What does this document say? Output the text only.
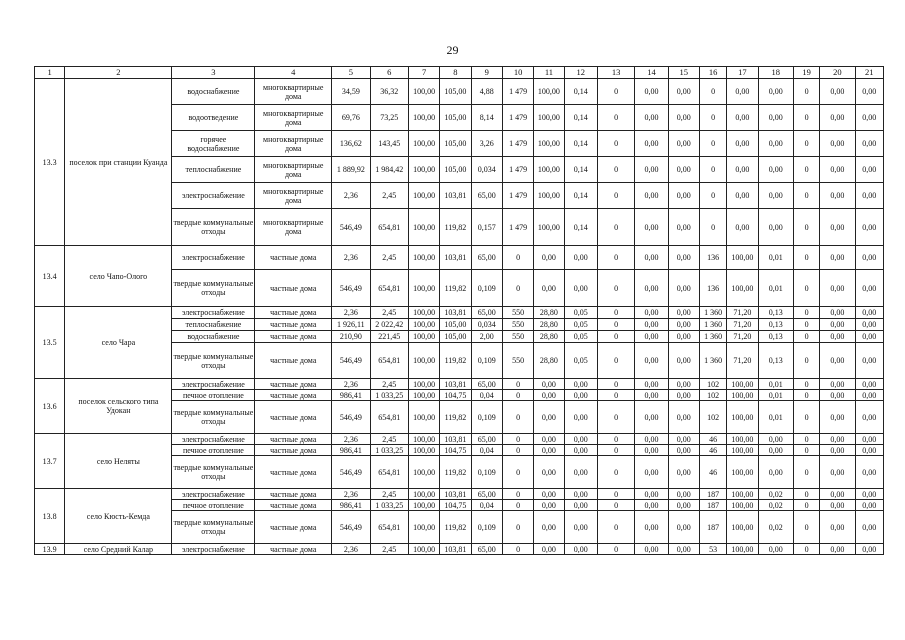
29
1	2	3	4	5	6	7	8	9	10	11	12	13	14	15	16	17	18	19	20	21
13.3	поселок при станции Куанда	водоснабжение	многоквартирные дома	34,59	36,32	100,00	105,00	4,88	1 479	100,00	0,14	0	0,00	0,00	0	0,00	0,00	0	0,00	0,00
		водоотведение	многоквартирные дома	69,76	73,25	100,00	105,00	8,14	1 479	100,00	0,14	0	0,00	0,00	0	0,00	0,00	0	0,00	0,00
		горячее водоснабжение	многоквартирные дома	136,62	143,45	100,00	105,00	3,26	1 479	100,00	0,14	0	0,00	0,00	0	0,00	0,00	0	0,00	0,00
		теплоснабжение	многоквартирные дома	1 889,92	1 984,42	100,00	105,00	0,034	1 479	100,00	0,14	0	0,00	0,00	0	0,00	0,00	0	0,00	0,00
		электроснабжение	многоквартирные дома	2,36	2,45	100,00	103,81	65,00	1 479	100,00	0,14	0	0,00	0,00	0	0,00	0,00	0	0,00	0,00
		твердые коммунальные отходы	многоквартирные дома	546,49	654,81	100,00	119,82	0,157	1 479	100,00	0,14	0	0,00	0,00	0	0,00	0,00	0	0,00	0,00
13.4	село Чапо-Олого	электроснабжение	частные дома	2,36	2,45	100,00	103,81	65,00	0	0,00	0,00	0	0,00	0,00	136	100,00	0,01	0	0,00	0,00
		твердые коммунальные отходы	частные дома	546,49	654,81	100,00	119,82	0,109	0	0,00	0,00	0	0,00	0,00	136	100,00	0,01	0	0,00	0,00
13.5	село Чара	электроснабжение	частные дома	2,36	2,45	100,00	103,81	65,00	550	28,80	0,05	0	0,00	0,00	1 360	71,20	0,13	0	0,00	0,00
		теплоснабжение	частные дома	1 926,11	2 022,42	100,00	105,00	0,034	550	28,80	0,05	0	0,00	0,00	1 360	71,20	0,13	0	0,00	0,00
		водоснабжение	частные дома	210,90	221,45	100,00	105,00	2,00	550	28,80	0,05	0	0,00	0,00	1 360	71,20	0,13	0	0,00	0,00
		твердые коммунальные отходы	частные дома	546,49	654,81	100,00	119,82	0,109	550	28,80	0,05	0	0,00	0,00	1 360	71,20	0,13	0	0,00	0,00
13.6	поселок сельского типа Удокан	электроснабжение	частные дома	2,36	2,45	100,00	103,81	65,00	0	0,00	0,00	0	0,00	0,00	102	100,00	0,01	0	0,00	0,00
		печное отопление	частные дома	986,41	1 033,25	100,00	104,75	0,04	0	0,00	0,00	0	0,00	0,00	102	100,00	0,01	0	0,00	0,00
		твердые коммунальные отходы	частные дома	546,49	654,81	100,00	119,82	0,109	0	0,00	0,00	0	0,00	0,00	102	100,00	0,01	0	0,00	0,00
13.7	село Неляты	электроснабжение	частные дома	2,36	2,45	100,00	103,81	65,00	0	0,00	0,00	0	0,00	0,00	46	100,00	0,00	0	0,00	0,00
		печное отопление	частные дома	986,41	1 033,25	100,00	104,75	0,04	0	0,00	0,00	0	0,00	0,00	46	100,00	0,00	0	0,00	0,00
		твердые коммунальные отходы	частные дома	546,49	654,81	100,00	119,82	0,109	0	0,00	0,00	0	0,00	0,00	46	100,00	0,00	0	0,00	0,00
13.8	село Кюсть-Кемда	электроснабжение	частные дома	2,36	2,45	100,00	103,81	65,00	0	0,00	0,00	0	0,00	0,00	187	100,00	0,02	0	0,00	0,00
		печное отопление	частные дома	986,41	1 033,25	100,00	104,75	0,04	0	0,00	0,00	0	0,00	0,00	187	100,00	0,02	0	0,00	0,00
		твердые коммунальные отходы	частные дома	546,49	654,81	100,00	119,82	0,109	0	0,00	0,00	0	0,00	0,00	187	100,00	0,02	0	0,00	0,00
13.9	село Средний Калар	электроснабжение	частные дома	2,36	2,45	100,00	103,81	65,00	0	0,00	0,00	0	0,00	0,00	53	100,00	0,00	0	0,00	0,00
